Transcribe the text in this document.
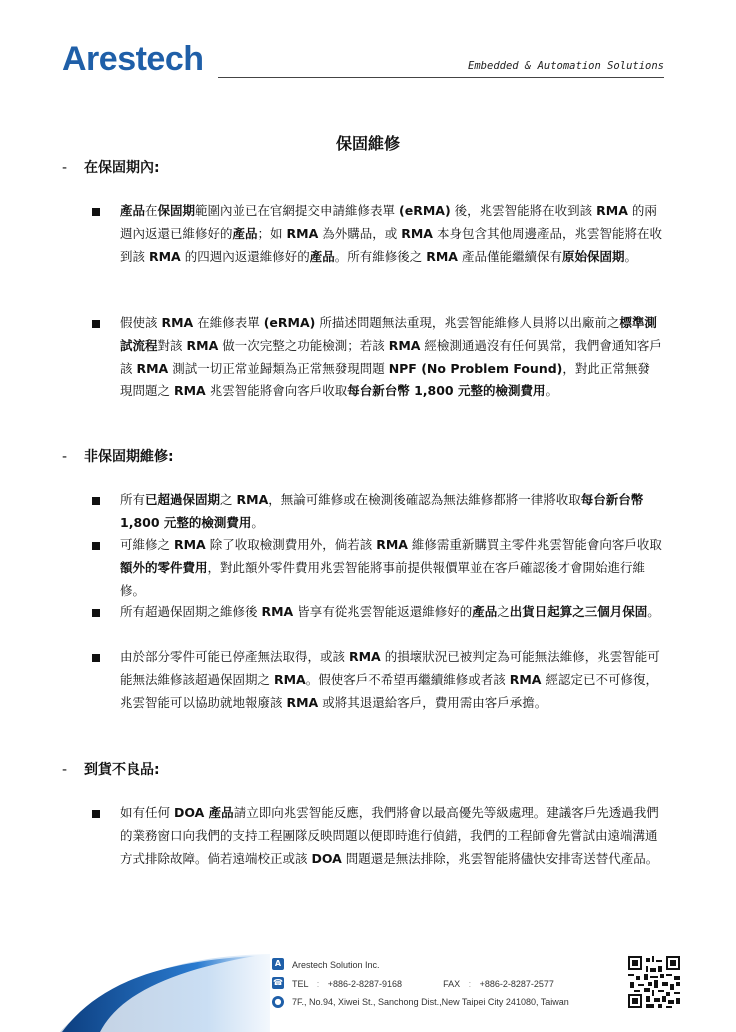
Arestech	Embedded & Automation Solutions
保固維修
- 在保固期內:
產品在保固期範圍內並已在官網提交申請維修表單 (eRMA) 後，兆雲智能將在收到該 RMA 的兩週內返還已維修好的產品；如 RMA 為外購品，或 RMA 本身包含其他周邊產品，兆雲智能將在收到該 RMA 的四週內返還維修好的產品。所有維修後之 RMA 產品僅能繼續保有原始保固期。
假使該 RMA 在維修表單 (eRMA) 所描述問題無法重現，兆雲智能維修人員將以出廠前之標準測試流程對該 RMA 做一次完整之功能檢測；若該 RMA 經檢測通過沒有任何異常，我們會通知客戶該 RMA 測試一切正常並歸類為正常無發現問題 NPF (No Problem Found)，對此正常無發現問題之 RMA 兆雲智能將會向客戶收取每台新台幣 1,800 元整的檢測費用。
- 非保固期維修:
所有已超過保固期之 RMA，無論可維修或在檢測後確認為無法維修都將一律將收取每台新台幣 1,800 元整的檢測費用。
可維修之 RMA 除了收取檢測費用外，倘若該 RMA 維修需重新購買主零件兆雲智能會向客戶收取額外的零件費用，對此額外零件費用兆雲智能將事前提供報價單並在客戶確認後才會開始進行維修。
所有超過保固期之維修後 RMA 皆享有從兆雲智能返還維修好的產品之出貨日起算之三個月保固。
由於部分零件可能已停產無法取得，或該 RMA 的損壞狀況已被判定為可能無法維修，兆雲智能可能無法維修該超過保固期之 RMA。假使客戶不希望再繼續維修或者該 RMA 經認定已不可修復，兆雲智能可以協助就地報廢該 RMA 或將其退還給客戶，費用需由客戶承擔。
- 到貨不良品:
如有任何 DOA 產品請立即向兆雲智能反應，我們將會以最高優先等級處理。建議客戶先透過我們的業務窗口向我們的支持工程團隊反映問題以便即時進行偵錯，我們的工程師會先嘗試由遠端溝通方式排除故障。倘若遠端校正或該 DOA 問題還是無法排除，兆雲智能將儘快安排寄送替代產品。
A	Arestech Solution Inc.
☎ TEL : +886-2-8287-9168	FAX : +886-2-8287-2577
● 7F., No.94, Xiwei St., Sanchong Dist.,New Taipei City 241080, Taiwan
